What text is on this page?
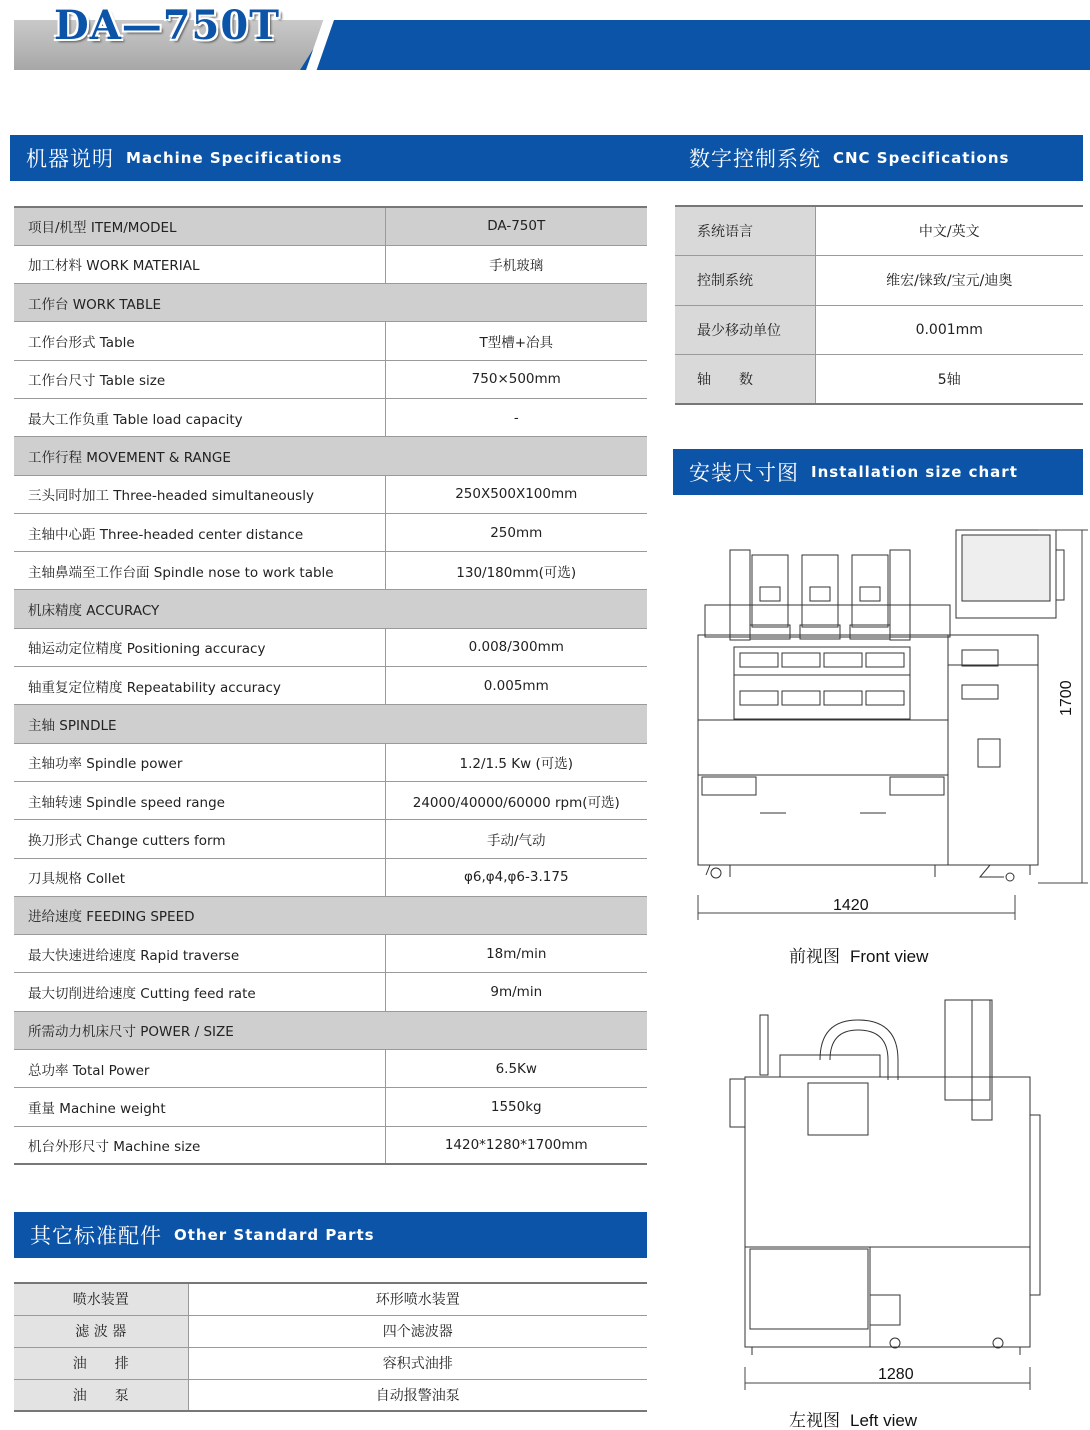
DA—750T
机器说明 Machine Specifications
项目/机型 ITEM/MODEL	DA-750T
加工材料 WORK MATERIAL	手机玻璃
工作台 WORK TABLE	
工作台形式 Table	T型槽+冶具
工作台尺寸 Table size	750×500mm
最大工作负重 Table load capacity	-
工作行程 MOVEMENT & RANGE	
三头同时加工 Three-headed simultaneously	250X500X100mm
主轴中心距 Three-headed center distance	250mm
主轴鼻端至工作台面 Spindle nose to work table	130/180mm(可选)
机床精度 ACCURACY	
轴运动定位精度 Positioning accuracy	0.008/300mm
轴重复定位精度 Repeatability accuracy	0.005mm
主轴 SPINDLE	
主轴功率 Spindle power	1.2/1.5 Kw (可选)
主轴转速 Spindle speed range	24000/40000/60000 rpm(可选)
换刀形式 Change cutters form	手动/气动
刀具规格 Collet	φ6,φ4,φ6-3.175
进给速度 FEEDING SPEED	
最大快速进给速度 Rapid traverse	18m/min
最大切削进给速度 Cutting feed rate	9m/min
所需动力机床尺寸 POWER / SIZE	
总功率 Total Power	6.5Kw
重量 Machine weight	1550kg
机台外形尺寸 Machine size	1420*1280*1700mm
数字控制系统 CNC Specifications
系统语言	中文/英文
控制系统	维宏/铼致/宝元/迪奥
最少移动单位	0.001mm
轴　　数	5轴
安装尺寸图 Installation size chart
1420
1700
前视图 Front view
1280
左视图 Left view
其它标准配件 Other Standard Parts
喷水装置	环形喷水装置
滤 波 器	四个滤波器
油　　排	容积式油排
油　　泵	自动报警油泵
